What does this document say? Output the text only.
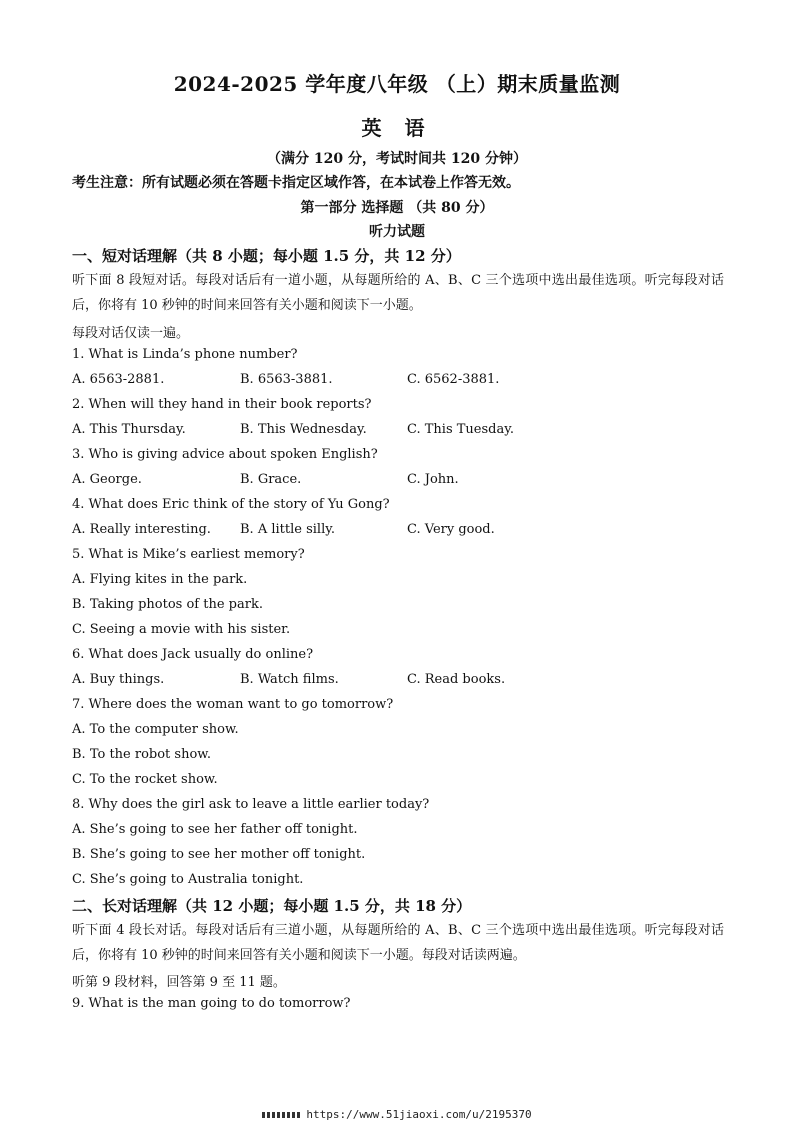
2024-2025 学年度八年级 （上）期末质量监测
英 语
（满分 120 分，考试时间共 120 分钟）
考生注意：所有试题必须在答题卡指定区域作答，在本试卷上作答无效。
第一部分 选择题 （共 80 分）
听力试题
一、短对话理解（共 8 小题；每小题 1.5 分，共 12 分）
听下面 8 段短对话。每段对话后有一道小题，从每题所给的 A、B、C 三个选项中选出最佳选项。听完每段对话后，你将有 10 秒钟的时间来回答有关小题和阅读下一小题。
每段对话仅读一遍。
1. What is Linda’s phone number?
A. 6563-2881.	B. 6563-3881.	C. 6562-3881.
2. When will they hand in their book reports?
A. This Thursday.	B. This Wednesday.	C. This Tuesday.
3. Who is giving advice about spoken English?
A. George.	B. Grace.	C. John.
4. What does Eric think of the story of Yu Gong?
A. Really interesting. B. A little silly.	C. Very good.
5. What is Mike’s earliest memory?
A. Flying kites in the park.
B. Taking photos of the park.
C. Seeing a movie with his sister.
6. What does Jack usually do online?
A. Buy things.	B. Watch films.	C. Read books.
7. Where does the woman want to go tomorrow?
A. To the computer show.
B. To the robot show.
C. To the rocket show.
8. Why does the girl ask to leave a little earlier today?
A. She’s going to see her father off tonight.
B. She’s going to see her mother off tonight.
C. She’s going to Australia tonight.
二、长对话理解（共 12 小题；每小题 1.5 分，共 18 分）
听下面 4 段长对话。每段对话后有三道小题，从每题所给的 A、B、C 三个选项中选出最佳选项。听完每段对话后，你将有 10 秒钟的时间来回答有关小题和阅读下一小题。每段对话读两遍。
听第 9 段材料，回答第 9 至 11 题。
9. What is the man going to do tomorrow?
https://www.51jiaoxi.com/u/2195370
